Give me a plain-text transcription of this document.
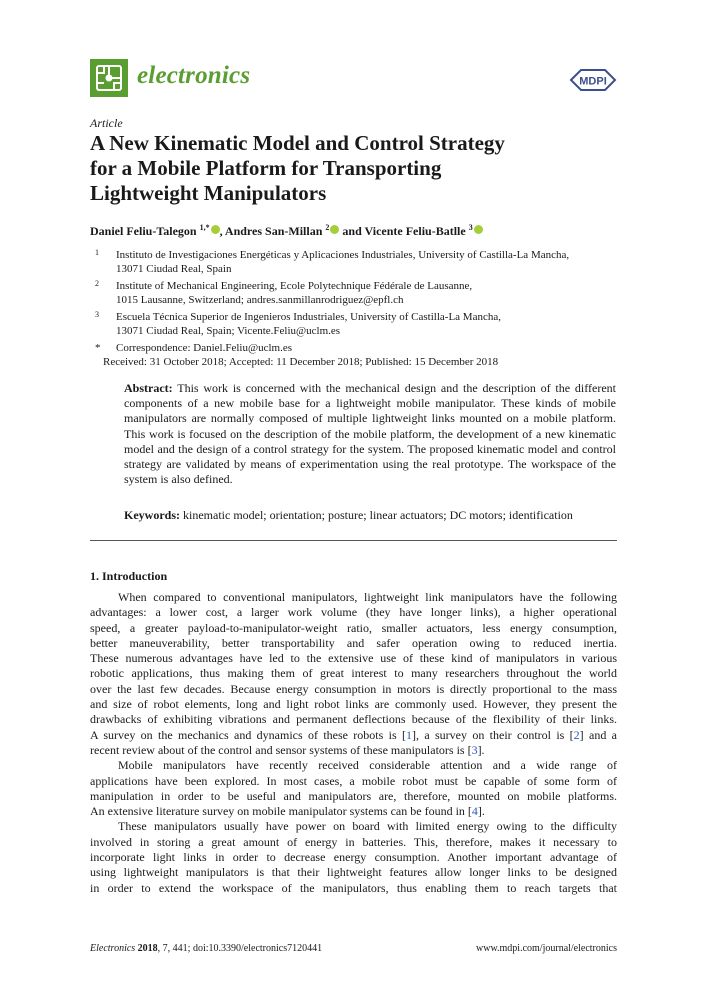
electronics	MDPI
Article
A New Kinematic Model and Control Strategy
for a Mobile Platform for Transporting
Lightweight Manipulators
Daniel Feliu-Talegon $^{1,*}$ , Andres San-Millan $^2$ and Vicente Feliu-Batlle $^3$
1 Instituto de Investigaciones Energéticas y Aplicaciones Industriales, University of Castilla-La Mancha,
13071 Ciudad Real, Spain
2 Institute of Mechanical Engineering, Ecole Polytechnique Fédérale de Lausanne,
1015 Lausanne, Switzerland; andres.sanmillanrodriguez@epfl.ch
3 Escuela Técnica Superior de Ingenieros Industriales, University of Castilla-La Mancha,
13071 Ciudad Real, Spain; Vicente.Feliu@uclm.es
* Correspondence: Daniel.Feliu@uclm.es
Received: 31 October 2018; Accepted: 11 December 2018; Published: 15 December 2018
Abstract: This work is concerned with the mechanical design and the description of the different
components of a new mobile base for a lightweight mobile manipulator. These kinds of mobile
manipulators are normally composed of multiple lightweight links mounted on a mobile platform.
This work is focused on the description of the mobile platform, the development of a new kinematic
model and the design of a control strategy for the system. The proposed kinematic model and control
strategy are validated by means of experimentation using the real prototype. The workspace of the
system is also defined.
Keywords: kinematic model; orientation; posture; linear actuators; DC motors; identification
1. Introduction
When compared to conventional manipulators, lightweight link manipulators have the following
advantages: a lower cost, a larger work volume (they have longer links), a higher operational
speed, a greater payload-to-manipulator-weight ratio, smaller actuators, less energy consumption,
better maneuverability, better transportability and safer operation owing to reduced inertia.
These numerous advantages have led to the extensive use of these kind of manipulators in various
robotic applications, thus making them of great interest to many researchers throughout the world
over the last few decades. Because energy consumption in motors is directly proportional to the mass
and size of robot elements, long and light robot links are commonly used. However, they present the
drawbacks of exhibiting vibrations and permanent deflections because of the flexibility of their links.
A survey on the mechanics and dynamics of these robots is [1], a survey on their control is [2] and a
recent review about of the control and sensor systems of these manipulators is [3].
Mobile manipulators have recently received considerable attention and a wide range of
applications have been explored. In most cases, a mobile robot must be capable of some form of
manipulation in order to be useful and manipulators are, therefore, mounted on mobile platforms.
An extensive literature survey on mobile manipulator systems can be found in [4].
These manipulators usually have power on board with limited energy owing to the difficulty
involved in storing a great amount of energy in batteries. This, therefore, makes it necessary to
incorporate light links in order to decrease energy consumption. Another important advantage of
using lightweight manipulators is that their lightweight features allow longer links to be designed
in order to extend the workspace of the manipulators, thus enabling them to reach targets that
Electronics 2018, 7, 441; doi:10.3390/electronics7120441	www.mdpi.com/journal/electronics
